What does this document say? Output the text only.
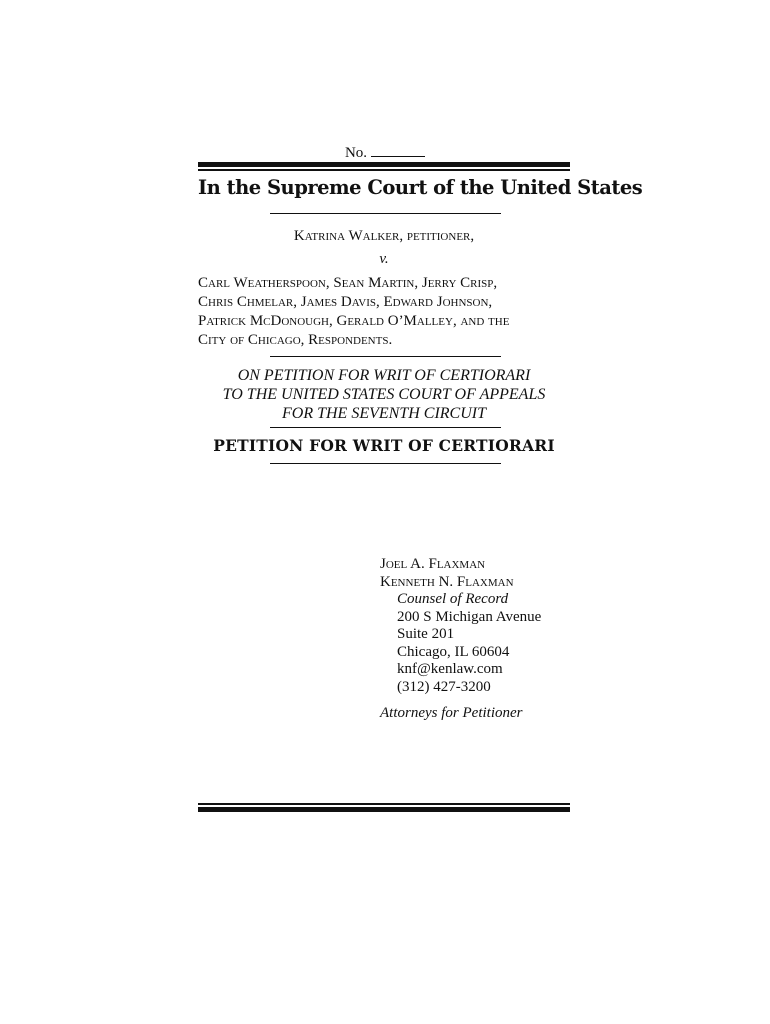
No.
In the Supreme Court of the United States
Katrina Walker, petitioner,
v.
Carl Weatherspoon, Sean Martin, Jerry Crisp,
Chris Chmelar, James Davis, Edward Johnson,
Patrick McDonough, Gerald O’Malley, and the
City of Chicago, Respondents.
ON PETITION FOR WRIT OF CERTIORARI
TO THE UNITED STATES COURT OF APPEALS
FOR THE SEVENTH CIRCUIT
PETITION FOR WRIT OF CERTIORARI
Joel A. Flaxman
Kenneth N. Flaxman
Counsel of Record
200 S Michigan Avenue
Suite 201
Chicago, IL 60604
knf@kenlaw.com
(312) 427-3200
Attorneys for Petitioner
